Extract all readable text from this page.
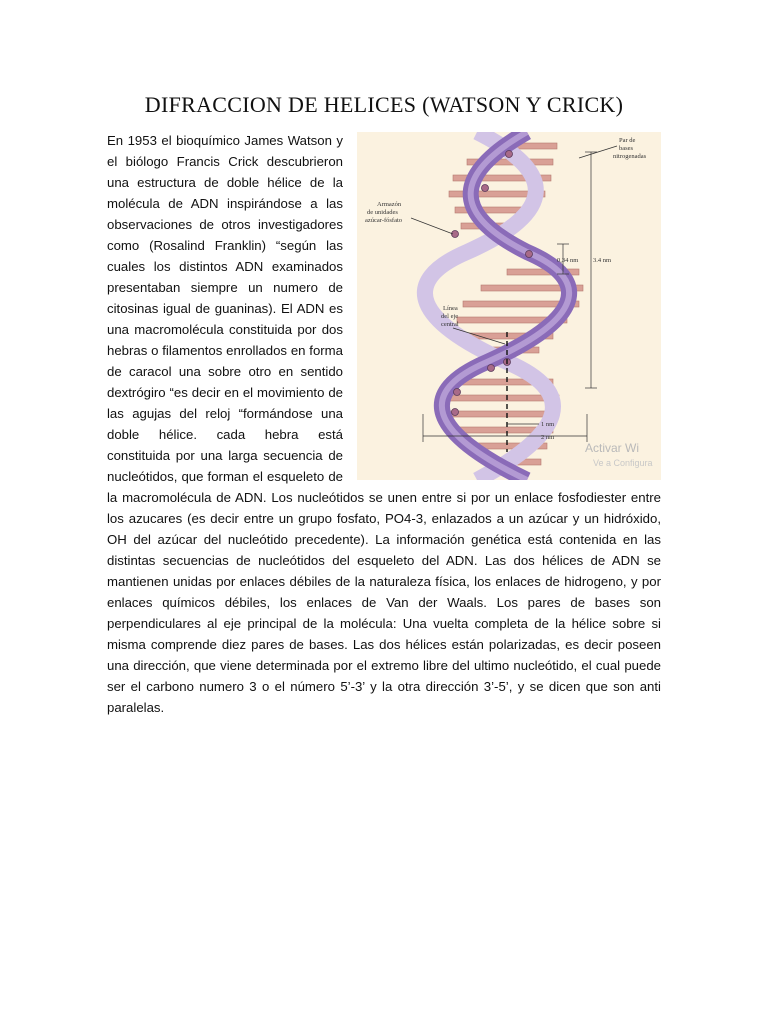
DIFRACCION DE HELICES (WATSON Y CRICK)
Par de
bases
nitrogenadas
Armazón
de unidades
azúcar-fósfato
Línea
del eje
central
0,34 nm 3.4 nm
1 nm
2 nm
Activar Wi
Ve a Configura

En 1953 el bioquímico James Watson y el biólogo Francis Crick descubrieron una estructura de doble hélice de la molécula de ADN inspirándose a las observaciones de otros investigadores como (Rosalind Franklin) “según las cuales los distintos ADN examinados presentaban siempre un numero de citosinas igual de guaninas). El ADN es una macromolécula constituida por dos hebras o filamentos enrollados en forma de caracol una sobre otro en sentido dextrógiro “es decir en el movimiento de las agujas del reloj “formándose una doble hélice. cada hebra está constituida por una larga secuencia de nucleótidos, que forman el esqueleto de la macromolécula de ADN. Los nucleótidos se unen entre si por un enlace fosfodiester entre los azucares (es decir entre un grupo fosfato, PO4-3, enlazados a un azúcar y un hidróxido, OH del azúcar del nucleótido precedente). La información genética está contenida en las distintas secuencias de nucleótidos del esqueleto del ADN. Las dos hélices de ADN se mantienen unidas por enlaces débiles de la naturaleza física, los enlaces de hidrogeno, y por enlaces químicos débiles, los enlaces de Van der Waals. Los pares de bases son perpendiculares al eje principal de la molécula: Una vuelta completa de la hélice sobre si misma comprende diez pares de bases. Las dos hélices están polarizadas, es decir poseen una dirección, que viene determinada por el extremo libre del ultimo nucleótido, el cual puede ser el carbono numero 3 o el número 5’-3’ y la otra dirección 3’-5’, y se dicen que son anti paralelas.
